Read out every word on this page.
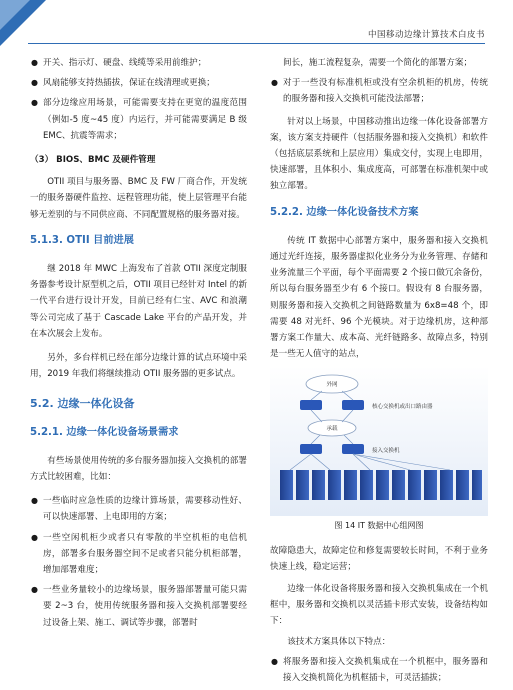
中国移动边缘计算技术白皮书
● 开关、指示灯、硬盘、线缆等采用前维护；
● 风扇能够支持热插拔，保证在线清理或更换；
● 部分边缘应用场景，可能需要支持在更宽的温度范围（例如-5 度~45 度）内运行，并可能需要满足 B 级 EMC、抗震等需求；

（3） BIOS、BMC 及硬件管理

OTII 项目与服务器、BMC 及 FW 厂商合作，开发统一的服务器硬件监控、远程管理功能，使上层管理平台能够无差别的与不同供应商、不同配置规格的服务器对接。

5.1.3. OTII 目前进展

继 2018 年 MWC 上海发布了首款 OTII 深度定制服务器参考设计原型机之后，OTII 项目已经针对 Intel 的新一代平台进行设计开发，目前已经有仁宝、AVC 和浪潮等公司完成了基于 Cascade Lake 平台的产品开发，并在本次展会上发布。

另外，多台样机已经在部分边缘计算的试点环境中采用，2019 年我们将继续推动 OTII 服务器的更多试点。

5.2. 边缘一体化设备

5.2.1. 边缘一体化设备场景需求

有些场景使用传统的多台服务器加接入交换机的部署方式比较困难，比如：

● 一些临时应急性质的边缘计算场景，需要移动性好、可以快速部署、上电即用的方案；
● 一些空闲机柜少或者只有零散的半空机柜的电信机房，部署多台服务器空间不足或者只能分机柜部署，增加部署难度；
● 一些业务量较小的边缘场景，服务器部署量可能只需要 2~3 台，使用传统服务器和接入交换机部署要经过设备上架、施工、调试等步骤，部署时

间长，施工流程复杂，需要一个简化的部署方案；

● 对于一些没有标准机柜或没有空余机柜的机房，传统的服务器和接入交换机可能没法部署；

针对以上场景，中国移动推出边缘一体化设备部署方案，该方案支持硬件（包括服务器和接入交换机）和软件（包括底层系统和上层应用）集成交付，实现上电即用，快速部署，且体积小、集成度高，可部署在标准机架中或独立部署。

5.2.2. 边缘一体化设备技术方案

传统 IT 数据中心部署方案中，服务器和接入交换机通过光纤连接，服务器虚拟化业务分为业务管理、存储和业务流量三个平面，每个平面需要 2 个接口做冗余备份，所以每台服务器至少有 6 个接口。假设有 8 台服务器，则服务器和接入交换机之间链路数量为 6x8=48 个，即需要 48 对光纤、96 个光模块。对于边缘机房，这种部署方案工作量大、成本高、光纤链路多、故障点多，特别是一些无人值守的站点，

外网
核心交换机或出口路由器
承载
接入交换机

图 14 IT 数据中心组网图

故障隐患大，故障定位和修复需要较长时间，不利于业务快速上线，稳定运营；

边缘一体化设备将服务器和接入交换机集成在一个机框中，服务器和交换机以灵活插卡形式安装，设备结构如下：

该技术方案具体以下特点：

● 将服务器和接入交换机集成在一个机框中，服务器和接入交换机简化为机框插卡，可灵活插拔；
